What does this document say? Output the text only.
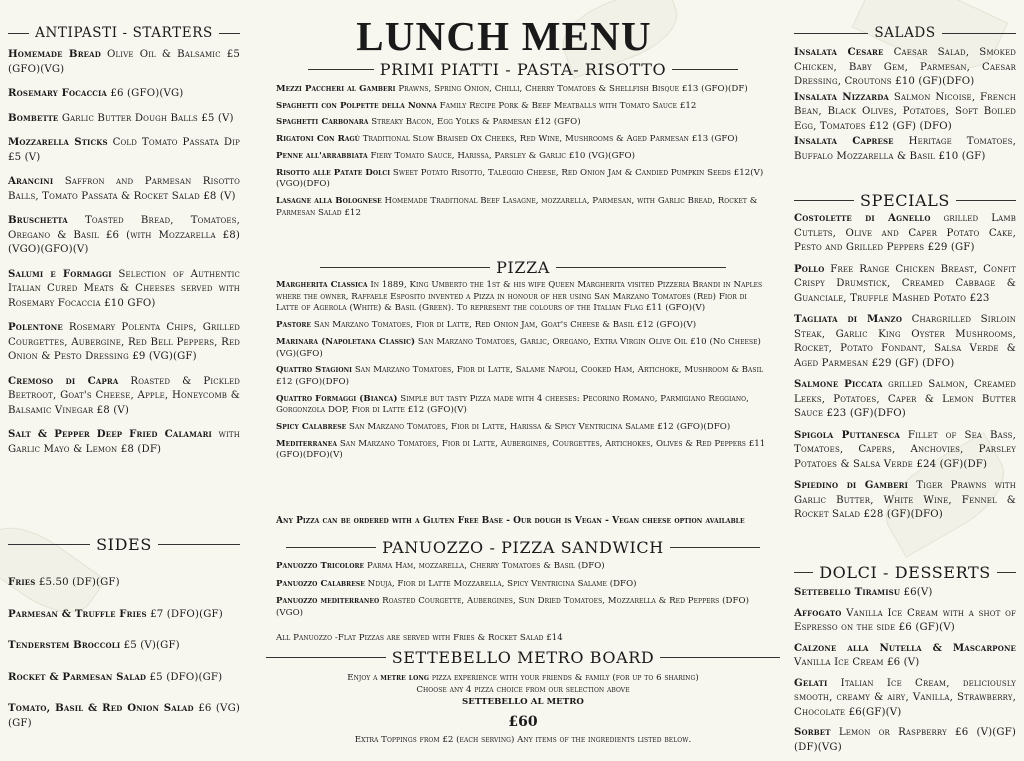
LUNCH MENU
ANTIPASTI - STARTERS
Homemade Bread Olive Oil & Balsamic £5 (GFO)(VG)
Rosemary Focaccia £6 (GFO)(VG)
Bombette Garlic Butter Dough Balls £5 (V)
Mozzarella Sticks Cold Tomato Passata Dip £5 (V)
Arancini Saffron and Parmesan Risotto Balls, Tomato Passata & Rocket Salad £8 (V)
Bruschetta Toasted Bread, Tomatoes, Oregano & Basil £6 (with Mozzarella £8) (VGO)(GFO)(V)
Salumi e Formaggi Selection of Authentic Italian Cured Meats & Cheeses served with Rosemary Focaccia £10 GFO)
Polentone Rosemary Polenta Chips, Grilled Courgettes, Aubergine, Red Bell Peppers, Red Onion & Pesto Dressing £9 (VG)(GF)
Cremoso di Capra Roasted & Pickled Beetroot, Goat's Cheese, Apple, Honeycomb & Balsamic Vinegar £8 (V)
Salt & Pepper Deep Fried Calamari with Garlic Mayo & Lemon £8 (DF)
SIDES
Fries £5.50 (DF)(GF)
Parmesan & Truffle Fries £7 (DFO)(GF)
Tenderstem Broccoli £5 (V)(GF)
Rocket & Parmesan Salad £5 (DFO)(GF)
Tomato, Basil & Red Onion Salad £6 (VG)(GF)
PRIMI PIATTI - PASTA- RISOTTO
Mezzi Paccheri al Gamberi Prawns, Spring Onion, Chilli, Cherry Tomatoes & Shellfish Bisque £13 (GFO)(DF)
Spaghetti con Polpette della Nonna Family Recipe Pork & Beef Meatballs with Tomato Sauce £12
Spaghetti Carbonara Streaky Bacon, Egg Yolks & Parmesan £12 (GFO)
Rigatoni Con Ragù Traditional Slow Braised Ox Cheeks, Red Wine, Mushrooms & Aged Parmesan £13 (GFO)
Penne all'arrabbiata Fiery Tomato Sauce, Harissa, Parsley & Garlic £10 (VG)(GFO)
Risotto alle Patate Dolci Sweet Potato Risotto, Taleggio Cheese, Red Onion Jam & Candied Pumpkin Seeds £12(V)(VGO)(DFO)
Lasagne alla Bolognese Homemade Traditional Beef Lasagne, mozzarella, Parmesan, with Garlic Bread, Rocket & Parmesan Salad £12
PIZZA
Margherita Classica In 1889, King Umberto the 1st & his wife Queen Margherita visited Pizzeria Brandi in Naples where the owner, Raffaele Esposito invented a Pizza in honour of her using San Marzano Tomatoes (Red) Fior di Latte of Agerola (White) & Basil (Green). To represent the colours of the Italian Flag £11 (GFO)(V)
Pastore San Marzano Tomatoes, Fior di Latte, Red Onion Jam, Goat's Cheese & Basil £12 (GFO)(V)
Marinara (Napoletana Classic) San Marzano Tomatoes, Garlic, Oregano, Extra Virgin Olive Oil £10 (No Cheese) (VG)(GFO)
Quattro Stagioni San Marzano Tomatoes, Fior di Latte, Salame Napoli, Cooked Ham, Artichoke, Mushroom & Basil £12 (GFO)(DFO)
Quattro Formaggi (Bianca) Simple but tasty Pizza made with 4 cheeses: Pecorino Romano, Parmigiano Reggiano, Gorgonzola DOP, Fior di Latte £12 (GFO)(V)
Spicy Calabrese San Marzano Tomatoes, Fior di Latte, Harissa & Spicy Ventricina Salame £12 (GFO)(DFO)
Mediterranea San Marzano Tomatoes, Fior di Latte, Aubergines, Courgettes, Artichokes, Olives & Red Peppers £11 (GFO)(DFO)(V)
Any Pizza can be ordered with a Gluten Free Base - Our dough is Vegan - Vegan cheese option available
PANUOZZO - PIZZA SANDWICH
Panuozzo Tricolore Parma Ham, mozzarella, Cherry Tomatoes & Basil (DFO)
Panuozzo Calabrese Nduja, Fior di Latte Mozzarella, Spicy Ventricina Salame (DFO)
Panuozzo mediterraneo Roasted Courgette, Aubergines, Sun Dried Tomatoes, Mozzarella & Red Peppers (DFO) (VGO)
All Panuozzo -Flat Pizzas are served with Fries & Rocket Salad £14
SETTEBELLO METRO BOARD
Enjoy a metre long pizza experience with your friends & family (for up to 6 sharing)
Choose any 4 pizza choice from our selection above
SETTEBELLO AL METRO
£60
Extra Toppings from £2 (each serving) Any items of the ingredients listed below.
SALADS
Insalata Cesare Caesar Salad, Smoked Chicken, Baby Gem, Parmesan, Caesar Dressing, Croutons £10 (GF)(DFO)
Insalata Nizzarda Salmon Nicoise, French Bean, Black Olives, Potatoes, Soft Boiled Egg, Tomatoes £12 (GF) (DFO)
Insalata Caprese Heritage Tomatoes, Buffalo Mozzarella & Basil £10 (GF)
SPECIALS
Costolette di Agnello grilled Lamb Cutlets, Olive and Caper Potato Cake, Pesto and Grilled Peppers £29 (GF)
Pollo Free Range Chicken Breast, Confit Crispy Drumstick, Creamed Cabbage & Guanciale, Truffle Mashed Potato £23
Tagliata di Manzo Chargrilled Sirloin Steak, Garlic King Oyster Mushrooms, Rocket, Potato Fondant, Salsa Verde & Aged Parmesan £29 (GF) (DFO)
Salmone Piccata grilled Salmon, Creamed Leeks, Potatoes, Caper & Lemon Butter Sauce £23 (GF)(DFO)
Spigola Puttanesca Fillet of Sea Bass, Tomatoes, Capers, Anchovies, Parsley Potatoes & Salsa Verde £24 (GF)(DF)
Spiedino di Gamberi Tiger Prawns with Garlic Butter, White Wine, Fennel & Rocket Salad £28 (GF)(DFO)
DOLCI - DESSERTS
Settebello Tiramisu £6(V)
Affogato Vanilla Ice Cream with a shot of Espresso on the side £6 (GF)(V)
Calzone alla Nutella & Mascarpone Vanilla Ice Cream £6 (V)
Gelati Italian Ice Cream, deliciously smooth, creamy & airy, Vanilla, Strawberry, Chocolate £6(GF)(V)
Sorbet Lemon or Raspberry £6 (V)(GF) (DF)(VG)
